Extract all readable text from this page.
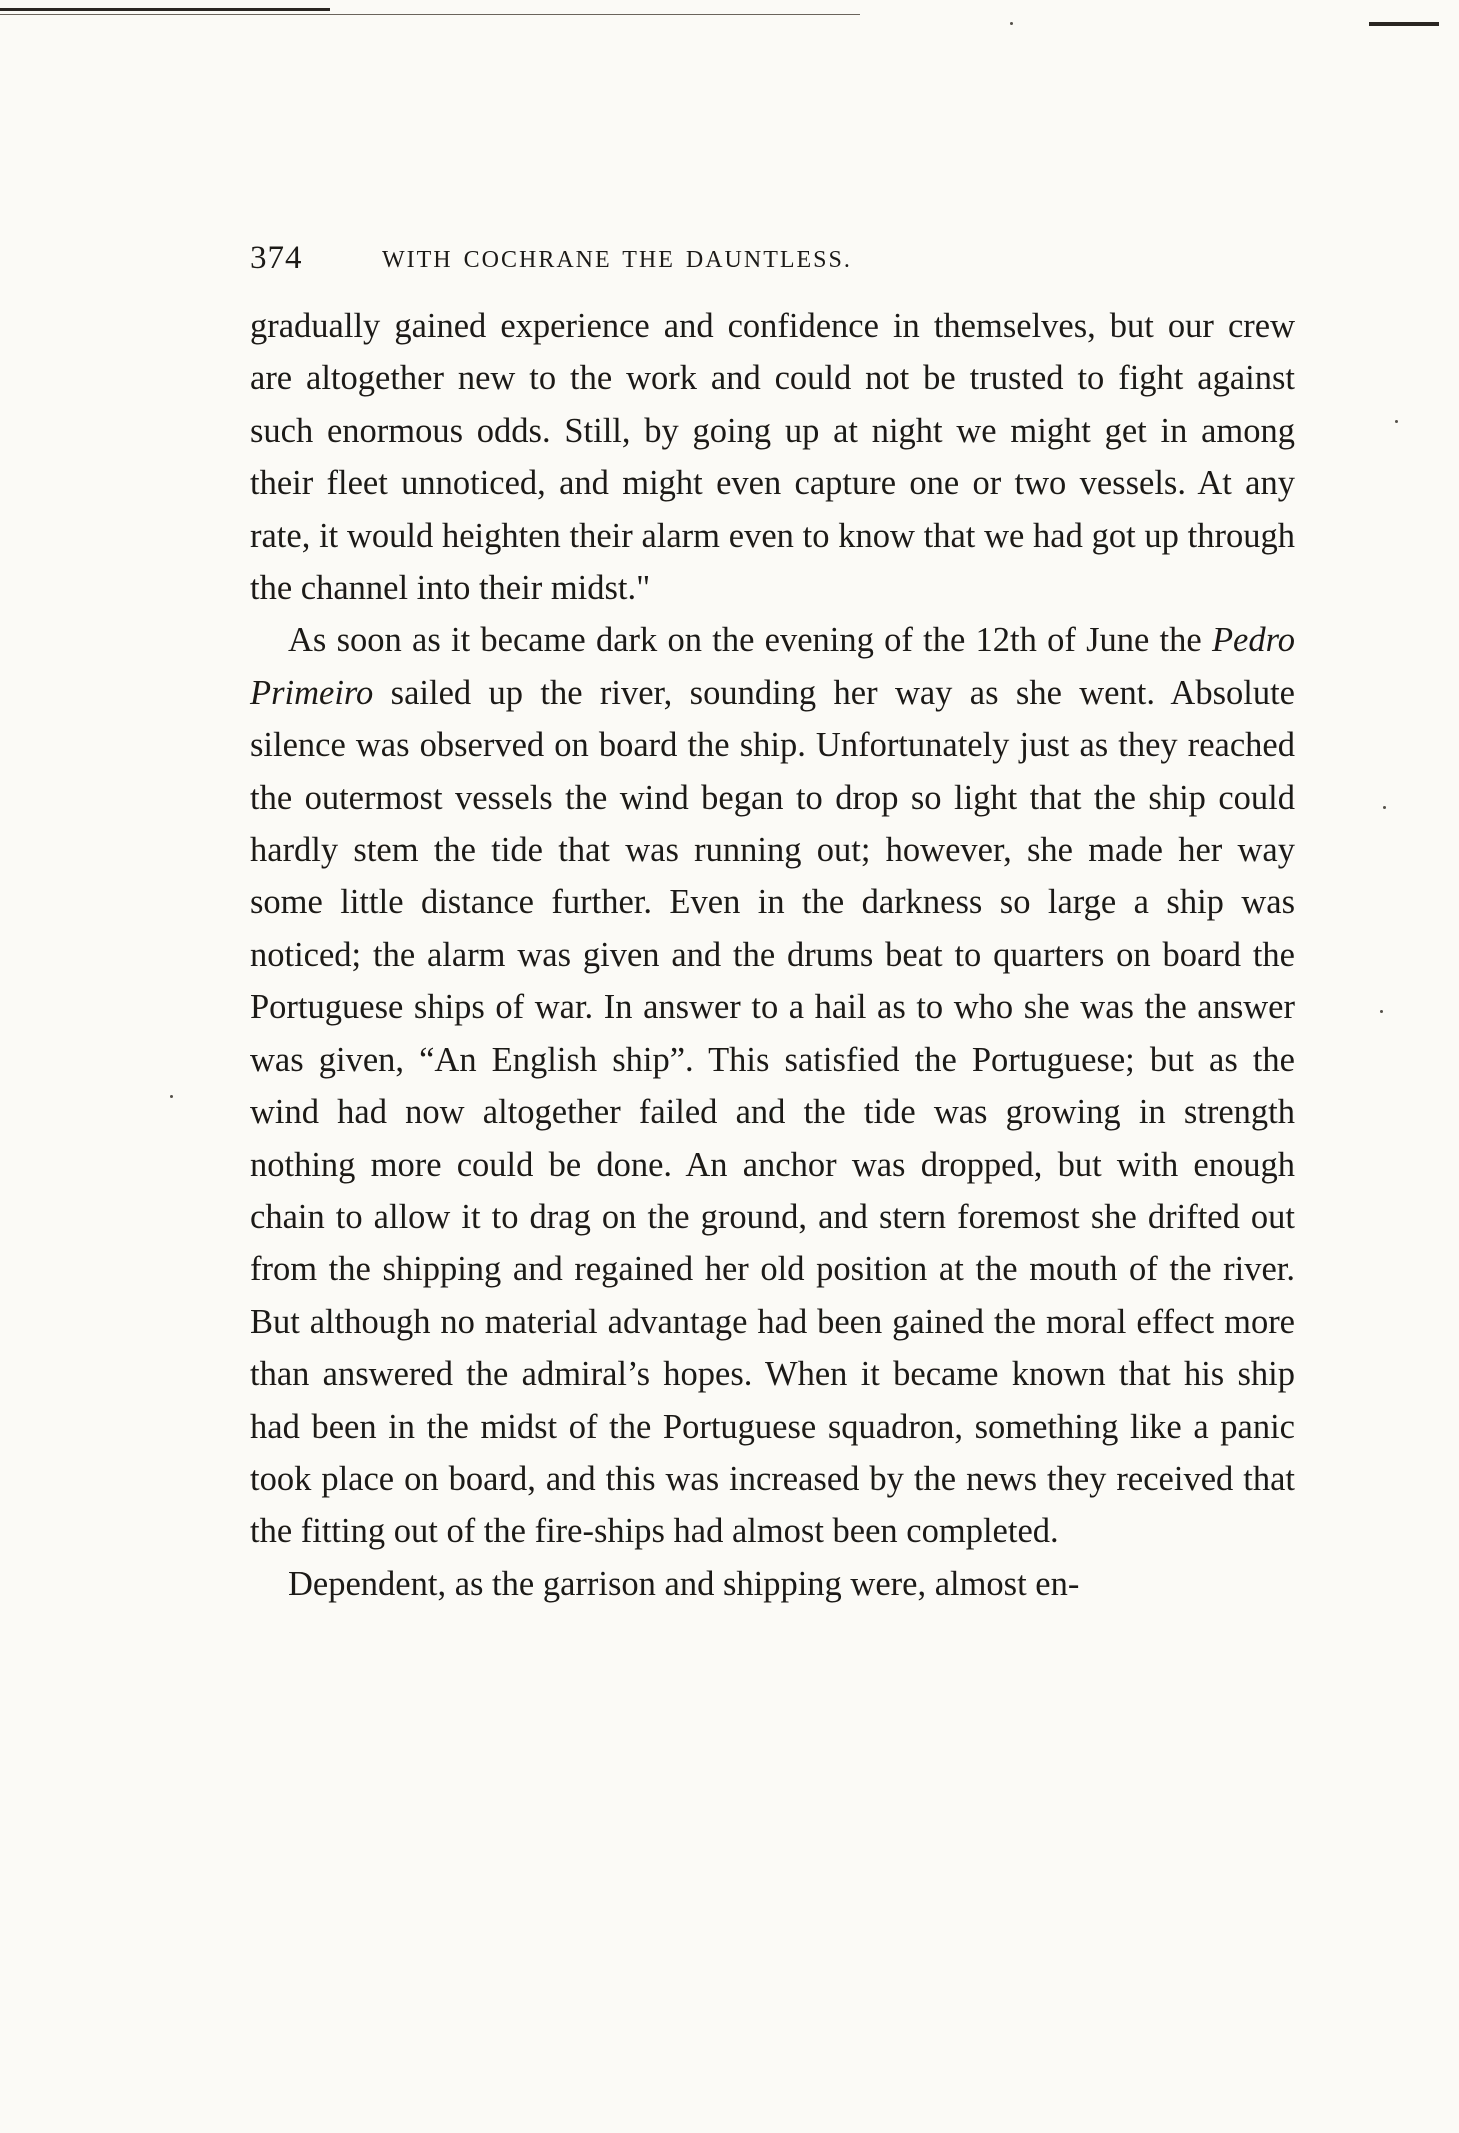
374	WITH COCHRANE THE DAUNTLESS.

gradually gained experience and confidence in themselves, but our crew are altogether new to the work and could not be trusted to fight against such enormous odds. Still, by going up at night we might get in among their fleet unnoticed, and might even capture one or two vessels. At any rate, it would heighten their alarm even to know that we had got up through the channel into their midst."

As soon as it became dark on the evening of the 12th of June the Pedro Primeiro sailed up the river, sounding her way as she went. Absolute silence was observed on board the ship. Unfortunately just as they reached the outermost vessels the wind began to drop so light that the ship could hardly stem the tide that was running out; however, she made her way some little distance further. Even in the darkness so large a ship was noticed; the alarm was given and the drums beat to quarters on board the Portuguese ships of war. In answer to a hail as to who she was the answer was given, “An English ship”. This satisfied the Portuguese; but as the wind had now altogether failed and the tide was growing in strength nothing more could be done. An anchor was dropped, but with enough chain to allow it to drag on the ground, and stern foremost she drifted out from the shipping and regained her old position at the mouth of the river. But although no material advantage had been gained the moral effect more than answered the admiral’s hopes. When it became known that his ship had been in the midst of the Portuguese squadron, something like a panic took place on board, and this was increased by the news they received that the fitting out of the fire-ships had almost been completed.

Dependent, as the garrison and shipping were, almost en-
